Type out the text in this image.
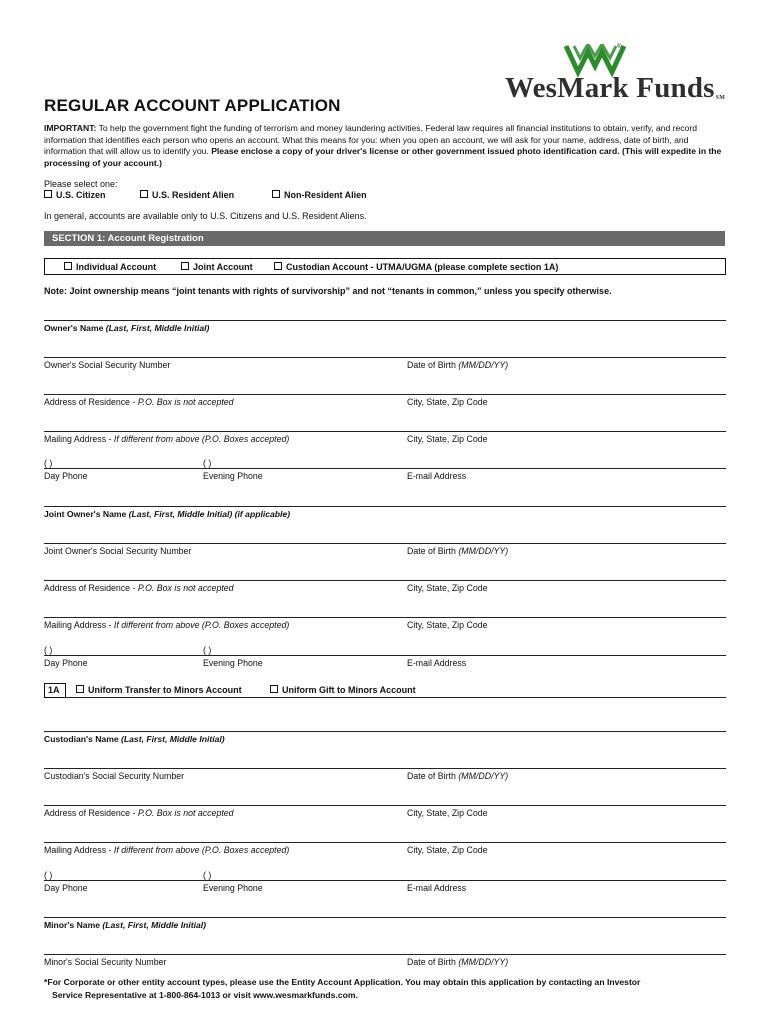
®
WesMark FundsSM
REGULAR ACCOUNT APPLICATION
IMPORTANT: To help the government fight the funding of terrorism and money laundering activities, Federal law requires all financial institutions to obtain, verify, and record information that identifies each person who opens an account. What this means for you: when you open an account, we will ask for your name, address, date of birth, and information that will allow us to identify you. Please enclose a copy of your driver's license or other government issued photo identification card. (This will expedite in the processing of your account.)
Please select one:
U.S. Citizen	U.S. Resident Alien	Non-Resident Alien
In general, accounts are available only to U.S. Citizens and U.S. Resident Aliens.
SECTION 1: Account Registration
Individual Account	Joint Account	Custodian Account - UTMA/UGMA (please complete section 1A)
Note: Joint ownership means “joint tenants with rights of survivorship” and not “tenants in common,” unless you specify otherwise.
Owner's Name (Last, First, Middle Initial)
Owner's Social Security Number	Date of Birth (MM/DD/YY)
Address of Residence - P.O. Box is not accepted	City, State, Zip Code
Mailing Address - If different from above (P.O. Boxes accepted)	City, State, Zip Code
( )	( )
Day Phone	Evening Phone	E-mail Address
Joint Owner's Name (Last, First, Middle Initial) (if applicable)
Joint Owner's Social Security Number	Date of Birth (MM/DD/YY)
Address of Residence - P.O. Box is not accepted	City, State, Zip Code
Mailing Address - If different from above (P.O. Boxes accepted)	City, State, Zip Code
( )	( )
Day Phone	Evening Phone	E-mail Address
1A	Uniform Transfer to Minors Account	Uniform Gift to Minors Account
Custodian's Name (Last, First, Middle Initial)
Custodian's Social Security Number	Date of Birth (MM/DD/YY)
Address of Residence - P.O. Box is not accepted	City, State, Zip Code
Mailing Address - If different from above (P.O. Boxes accepted)	City, State, Zip Code
( )	( )
Day Phone	Evening Phone	E-mail Address
Minor's Name (Last, First, Middle Initial)
Minor's Social Security Number	Date of Birth (MM/DD/YY)
*For Corporate or other entity account types, please use the Entity Account Application. You may obtain this application by contacting an Investor
Service Representative at 1-800-864-1013 or visit www.wesmarkfunds.com.
